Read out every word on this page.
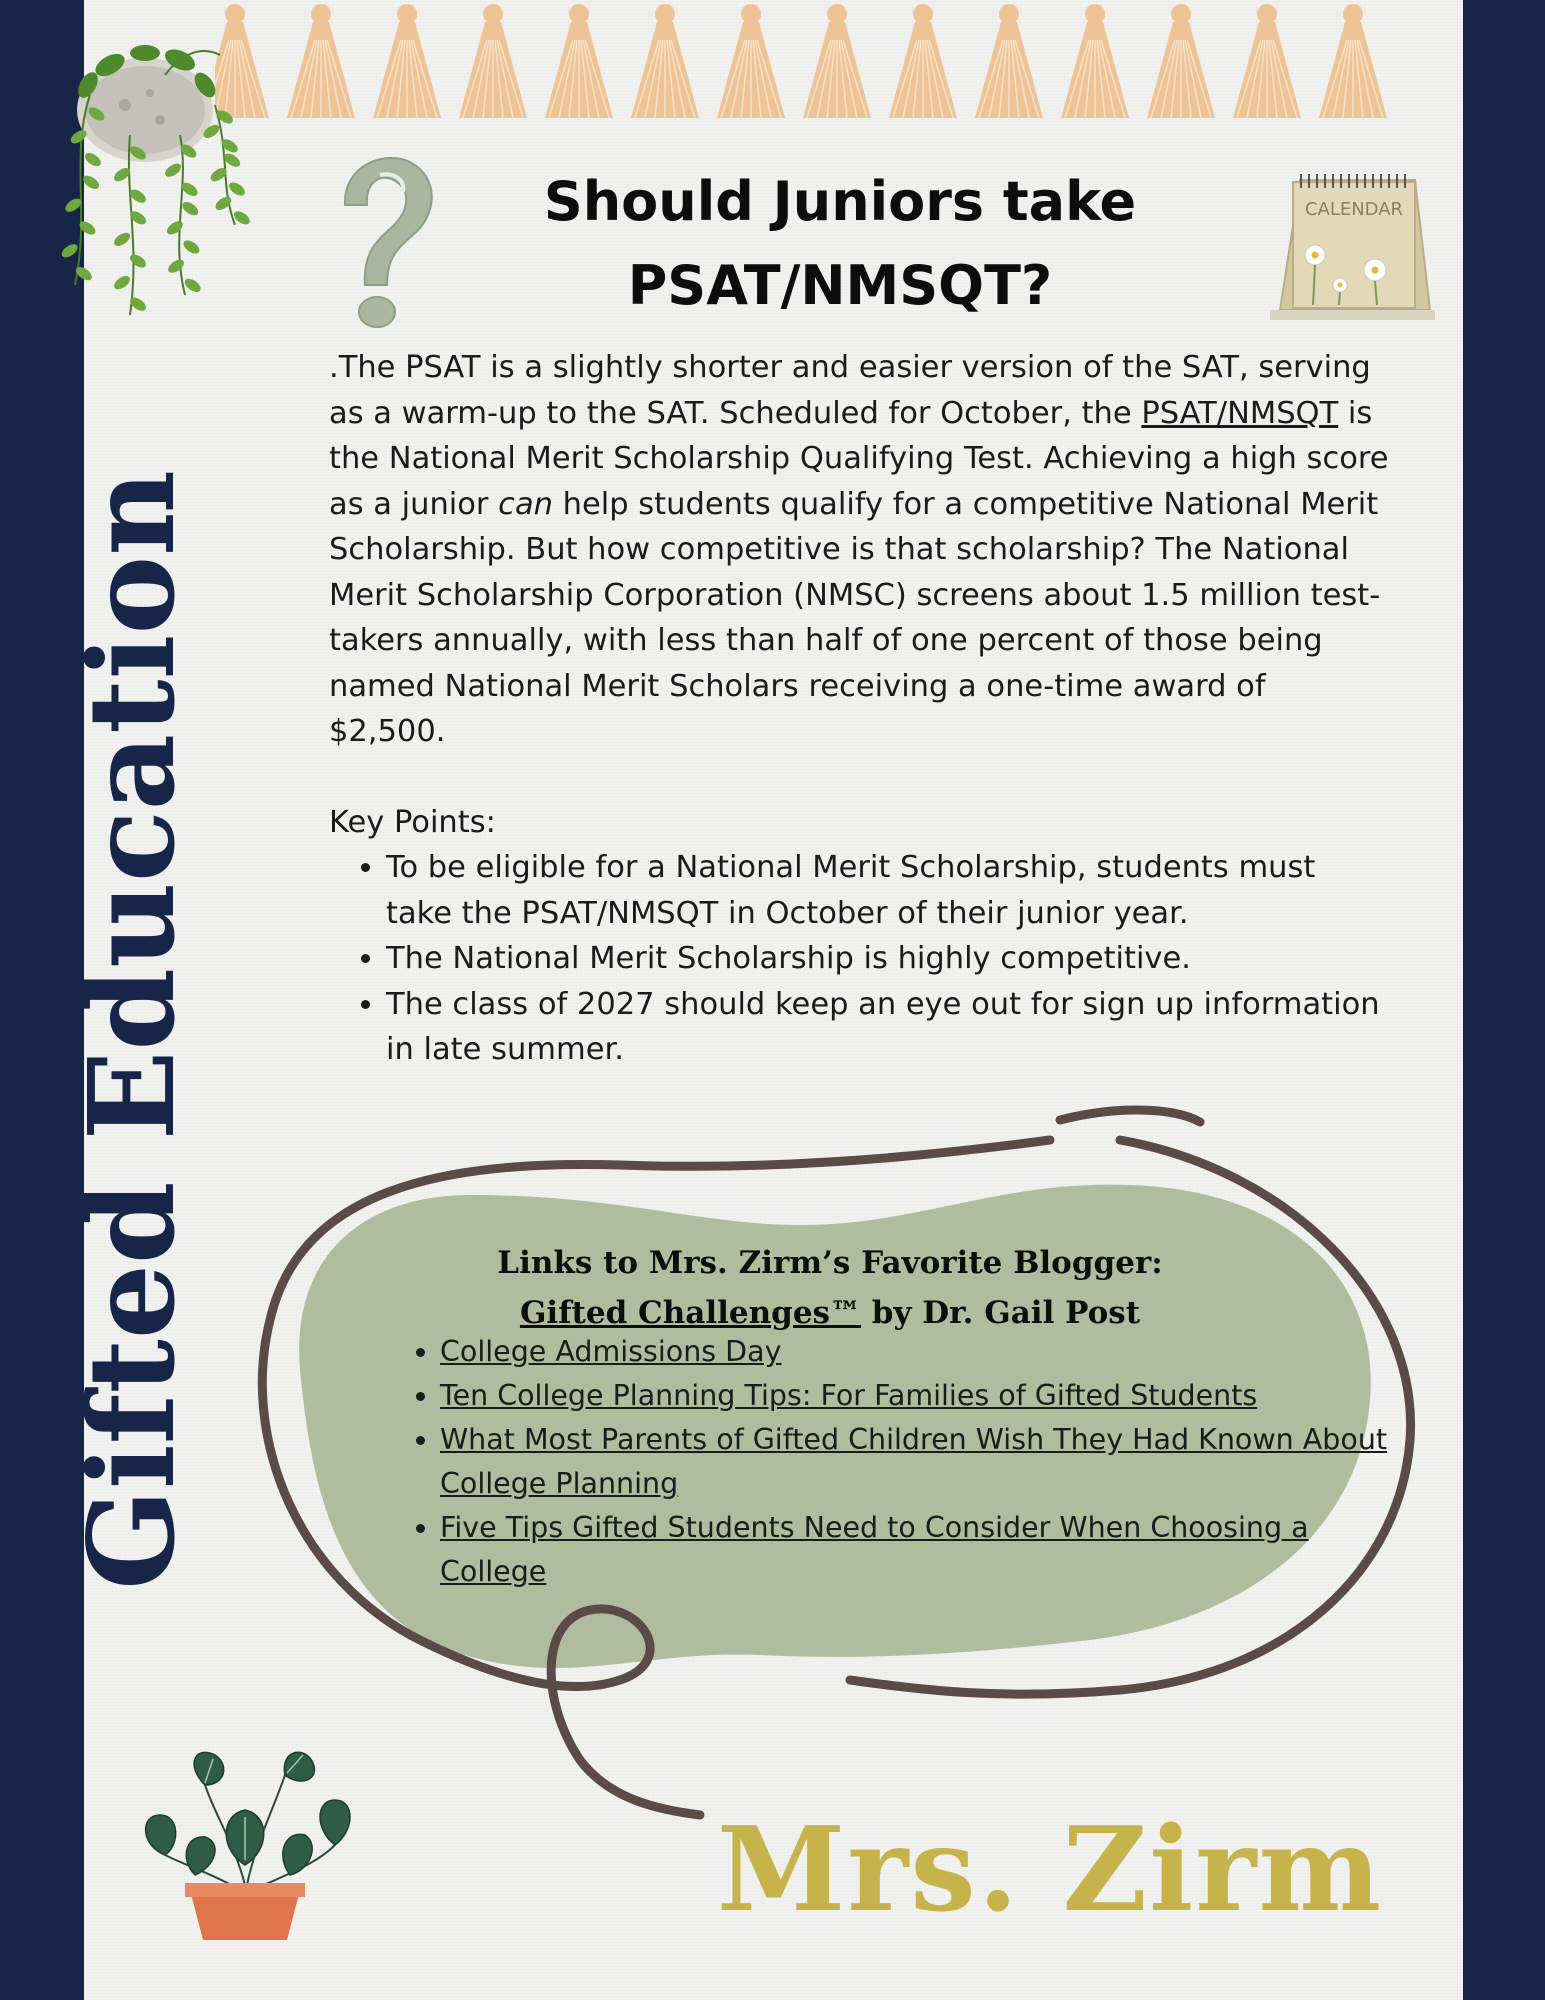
CALENDAR
Gifted Education
Should Juniors take PSAT/NMSQT?

.The PSAT is a slightly shorter and easier version of the SAT, serving as a warm-up to the SAT. Scheduled for October, the PSAT/NMSQT is the National Merit Scholarship Qualifying Test. Achieving a high score as a junior can help students qualify for a competitive National Merit Scholarship. But how competitive is that scholarship? The National Merit Scholarship Corporation (NMSC) screens about 1.5 million test-takers annually, with less than half of one percent of those being named National Merit Scholars receiving a one-time award of $2,500.

Key Points:

• To be eligible for a National Merit Scholarship, students must take the PSAT/NMSQT in October of their junior year.
• The National Merit Scholarship is highly competitive.
• The class of 2027 should keep an eye out for sign up information in late summer.
Links to Mrs. Zirm’s Favorite Blogger:
Gifted Challenges™ by Dr. Gail Post
• College Admissions Day
• Ten College Planning Tips: For Families of Gifted Students
• What Most Parents of Gifted Children Wish They Had Known About College Planning
• Five Tips Gifted Students Need to Consider When Choosing a College
Mrs. Zirm
